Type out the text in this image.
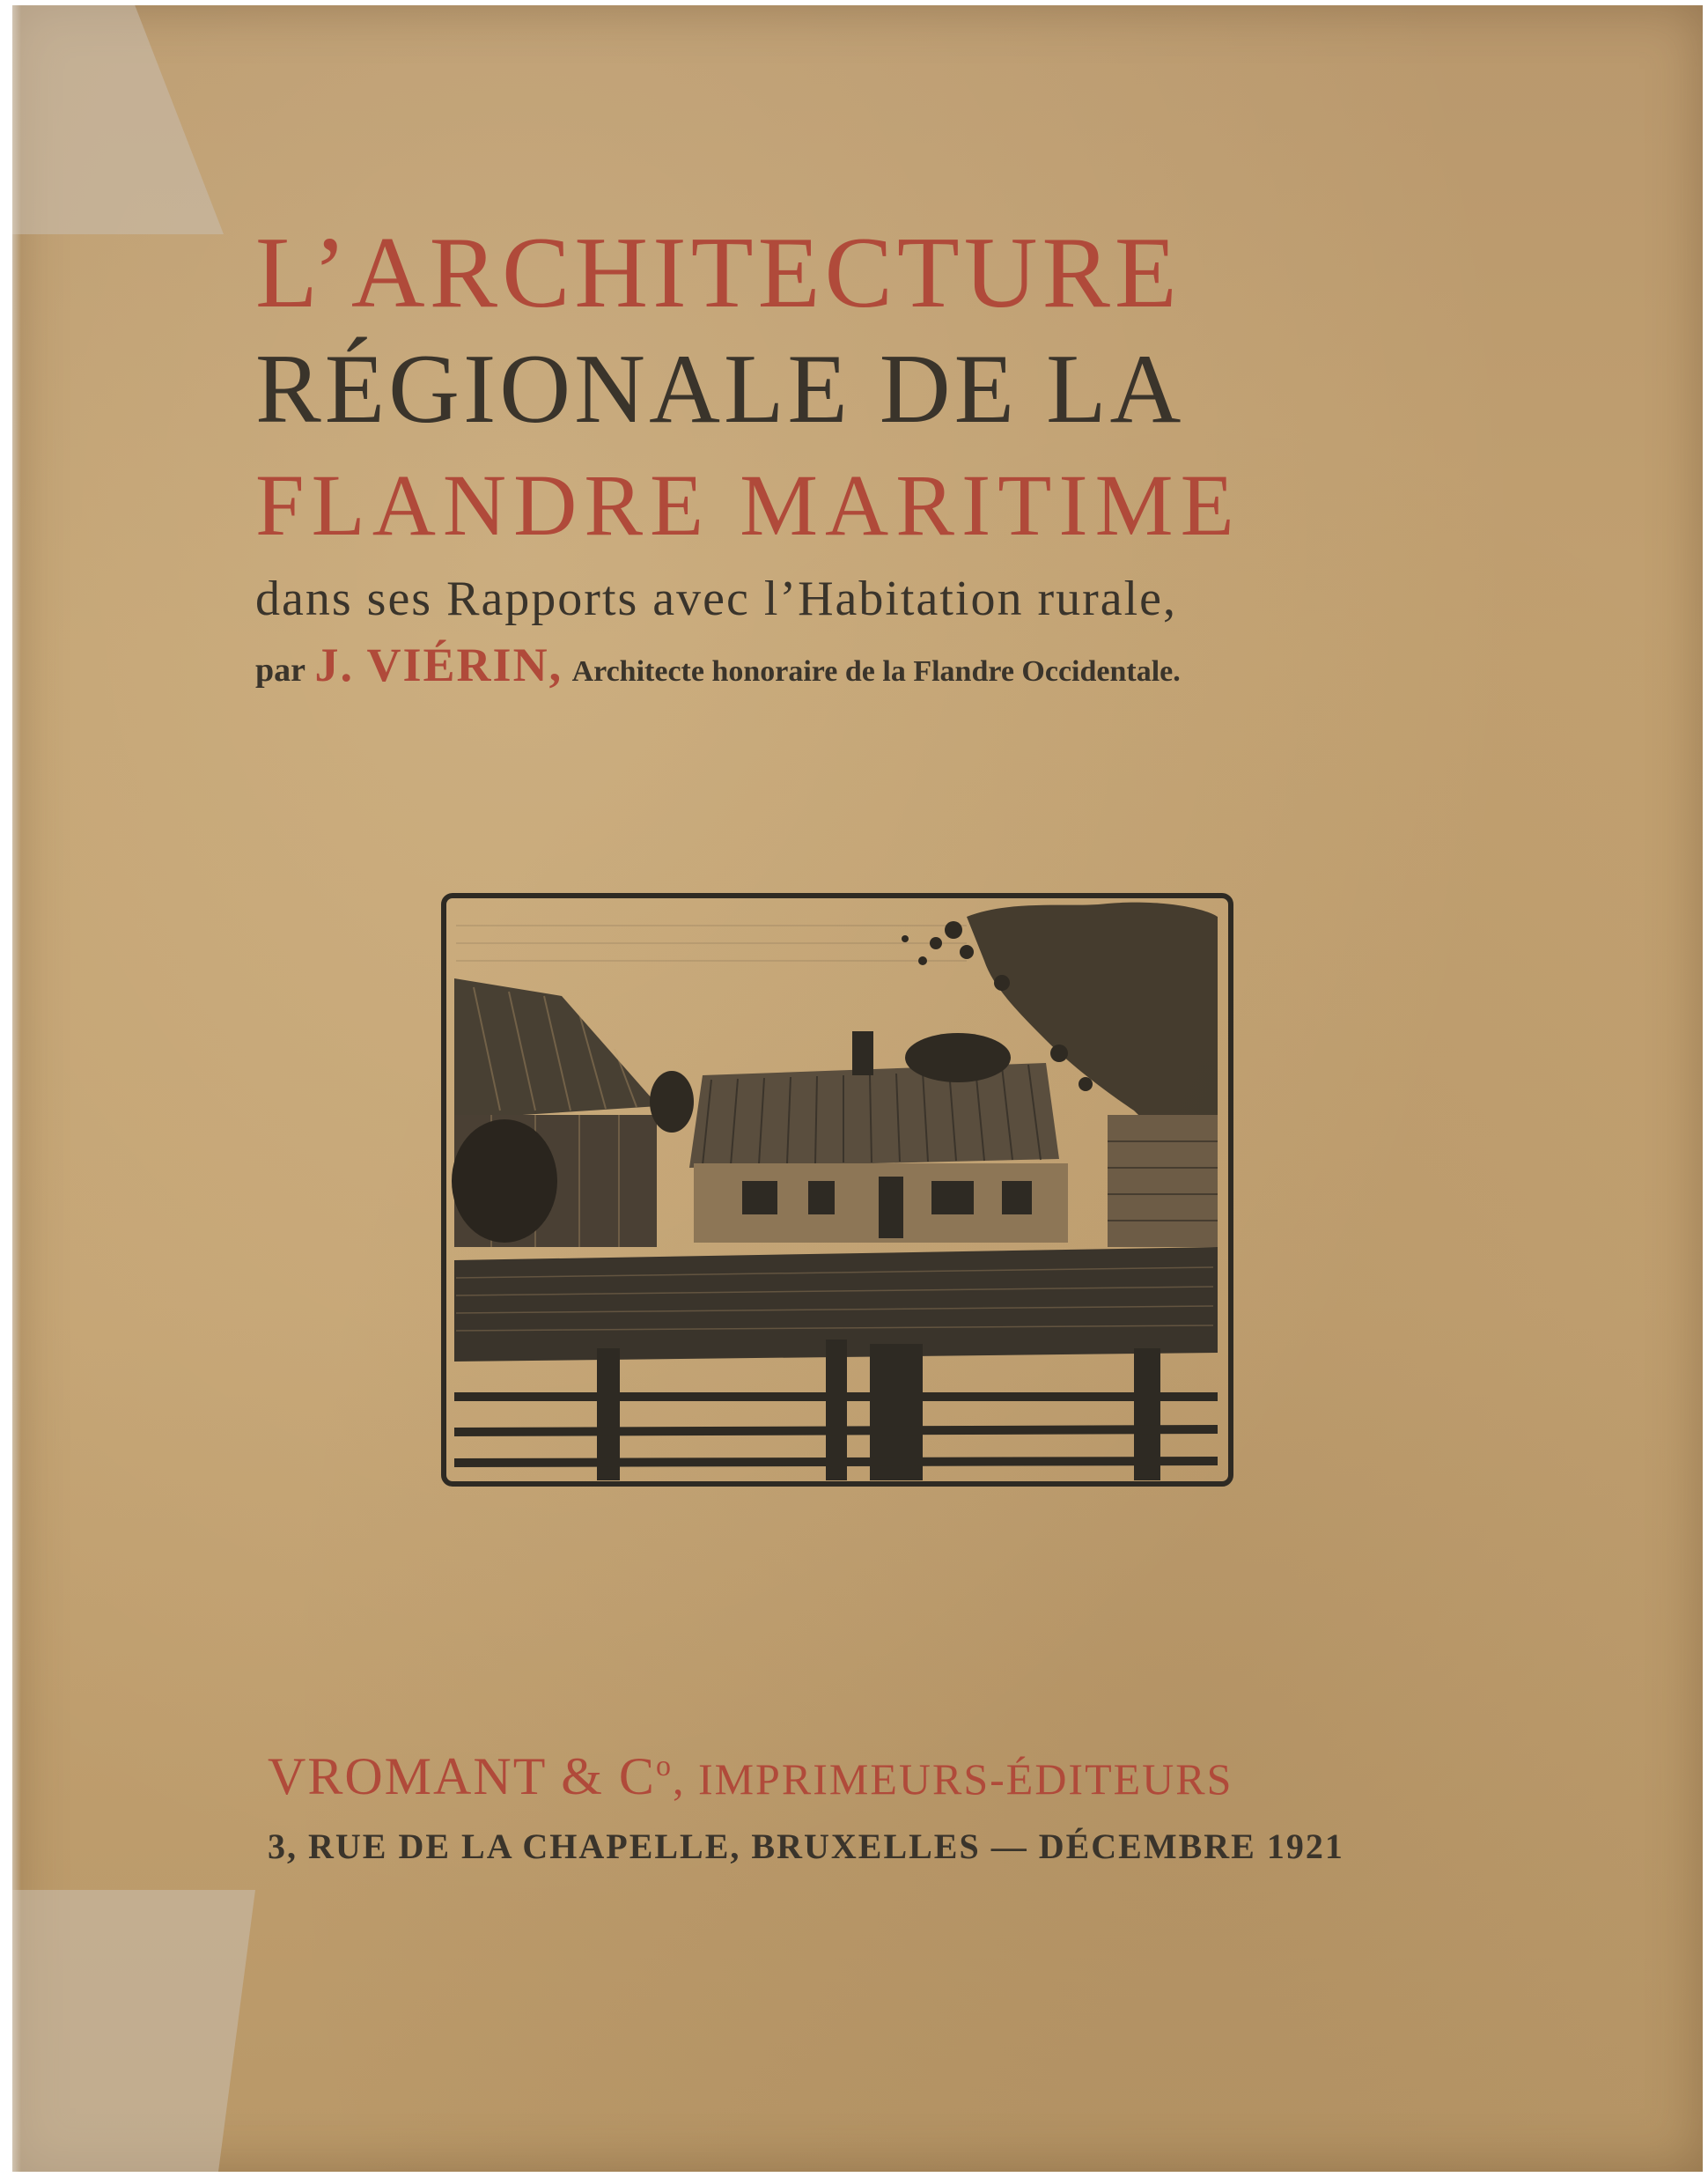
L’ARCHITECTURE
RÉGIONALE DE LA
FLANDRE MARITIME
dans ses Rapports avec l’Habitation rurale,
par J. VIÉRIN, Architecte honoraire de la Flandre Occidentale.
VROMANT & $C^o$, IMPRIMEURS-ÉDITEURS
3, RUE DE LA CHAPELLE, BRUXELLES — DÉCEMBRE 1921
